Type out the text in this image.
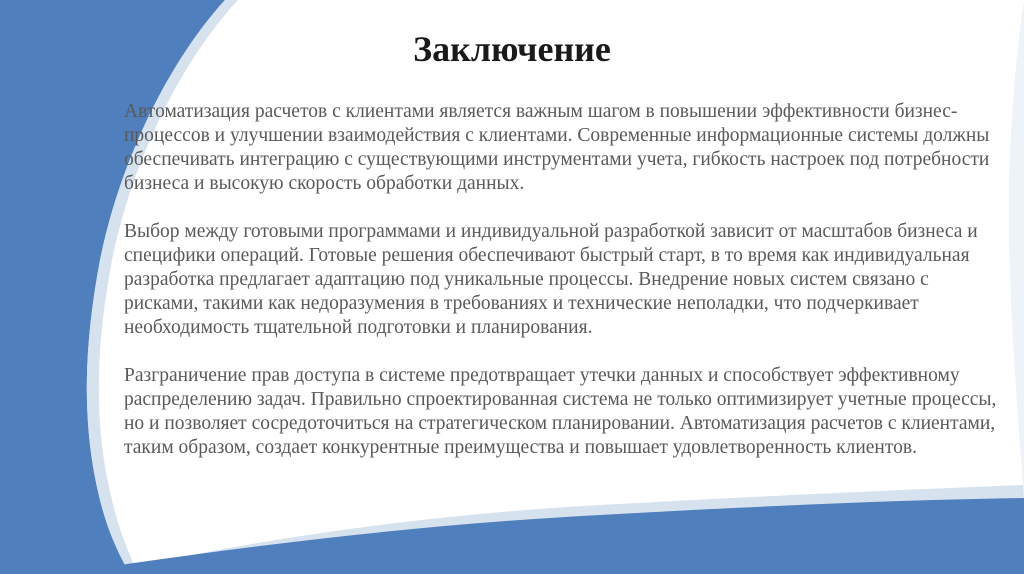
Заключение

Автоматизация расчетов с клиентами является важным шагом в повышении эффективности бизнес-процессов и улучшении взаимодействия с клиентами. Современные информационные системы должны обеспечивать интеграцию с существующими инструментами учета, гибкость настроек под потребности бизнеса и высокую скорость обработки данных.

Выбор между готовыми программами и индивидуальной разработкой зависит от масштабов бизнеса и специфики операций. Готовые решения обеспечивают быстрый старт, в то время как индивидуальная разработка предлагает адаптацию под уникальные процессы. Внедрение новых систем связано с рисками, такими как недоразумения в требованиях и технические неполадки, что подчеркивает необходимость тщательной подготовки и планирования.

Разграничение прав доступа в системе предотвращает утечки данных и способствует эффективному распределению задач. Правильно спроектированная система не только оптимизирует учетные процессы, но и позволяет сосредоточиться на стратегическом планировании. Автоматизация расчетов с клиентами, таким образом, создает конкурентные преимущества и повышает удовлетворенность клиентов.
